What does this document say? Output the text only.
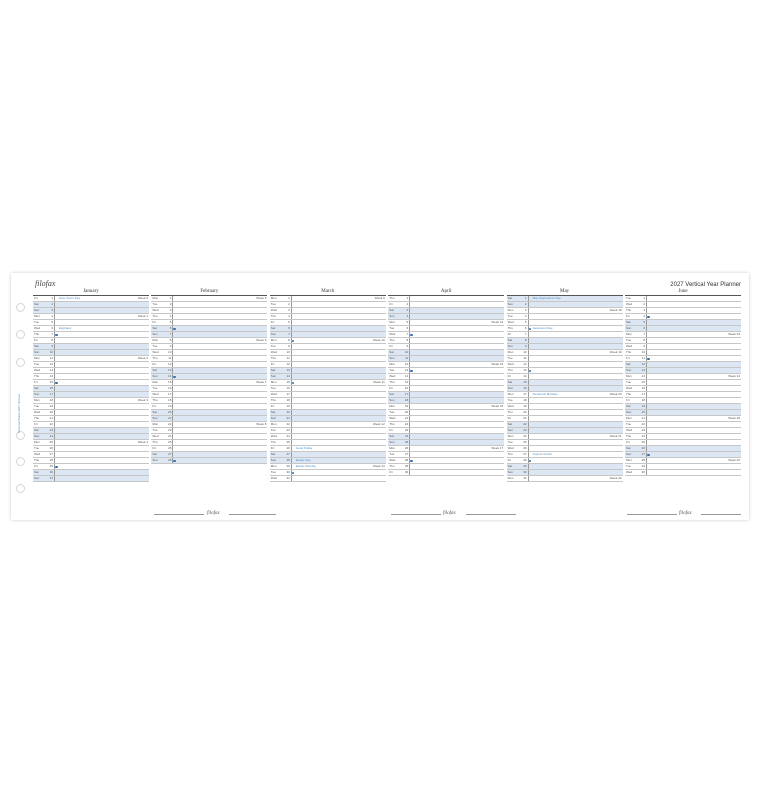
filofax	2027 Vertical Year Planner
Personal filofax 2027 Vertical
January
Fri	1 New Year's Day	Week 0
Sat	2
Sun	3
Mon	4	Week 1
Tue	5
Wed	6 Epiphany
Thu	7
Fri	8
Sat	9
Sun	10
Mon	11	Week 2
Tue	12
Wed	13
Thu	14
Fri	15
Sat	16
Sun	17
Mon	18	Week 3
Tue	19
Wed	20
Thu	21
Fri	22
Sat	23
Sun	24
Mon	25	Week 4
Tue	26
Wed	27
Thu	28
Fri	29
Sat	30
Sun	31
February
Mon	1	Week 5
Tue	2
Wed	3
Thu	4
Fri	5
Sat	6
Sun	7
Mon	8	Week 6
Tue	9
Wed	10
Thu	11
Fri	12
Sat	13
Sun	14
Mon	15	Week 7
Tue	16
Wed	17
Thu	18
Fri	19
Sat	20
Sun	21
Mon	22	Week 8
Tue	23
Wed	24
Thu	25
Fri	26
Sat	27
Sun	28
March
Mon	1	Week 9
Tue	2
Wed	3
Thu	4
Fri	5
Sat	6
Sun	7
Mon	8	Week 10
Tue	9
Wed	10
Thu	11
Fri	12
Sat	13
Sun	14
Mon	15	Week 11
Tue	16
Wed	17
Thu	18
Fri	19
Sat	20
Sun	21
Mon	22	Week 12
Tue	23
Wed	24
Thu	25
Fri	26 Good Friday
Sat	27
Sun	28 Easter Day
Mon	29 Easter Monday	Week 13
Tue	30
Wed	31
April
Thu	1
Fri	2
Sat	3
Sun	4
Mon	5	Week 14
Tue	6
Wed	7
Thu	8
Fri	9
Sat	10
Sun	11
Mon	12	Week 15
Tue	13
Wed	14
Thu	15
Fri	16
Sat	17
Sun	18
Mon	19	Week 16
Tue	20
Wed	21
Thu	22
Fri	23
Sat	24
Sun	25
Mon	26	Week 17
Tue	27
Wed	28
Thu	29
Fri	30
May
Sat	1 May Day/Labour Day
Sun	2
Mon	3	Week 18
Tue	4
Wed	5
Thu	6 Ascension Day
Fri	7
Sat	8
Sun	9
Mon	10	Week 19
Tue	11
Wed	12
Thu	13
Fri	14
Sat	15
Sun	16
Mon	17 Pentecost Monday	Week 20
Tue	18
Wed	19
Thu	20
Fri	21
Sat	22
Sun	23
Mon	24	Week 21
Tue	25
Wed	26
Thu	27 Corpus Christi
Fri	28
Sat	29
Sun	30
Mon	31	Week 22
June
Tue	1
Wed	2
Thu	3
Fri	4
Sat	5
Sun	6
Mon	7	Week 23
Tue	8
Wed	9
Thu	10
Fri	11
Sat	12
Sun	13
Mon	14	Week 24
Tue	15
Wed	16
Thu	17
Fri	18
Sat	19
Sun	20
Mon	21	Week 25
Tue	22
Wed	23
Thu	24
Fri	25
Sat	26
Sun	27
Mon	28	Week 26
Tue	29
Wed	30
filofax	filofax	filofax
